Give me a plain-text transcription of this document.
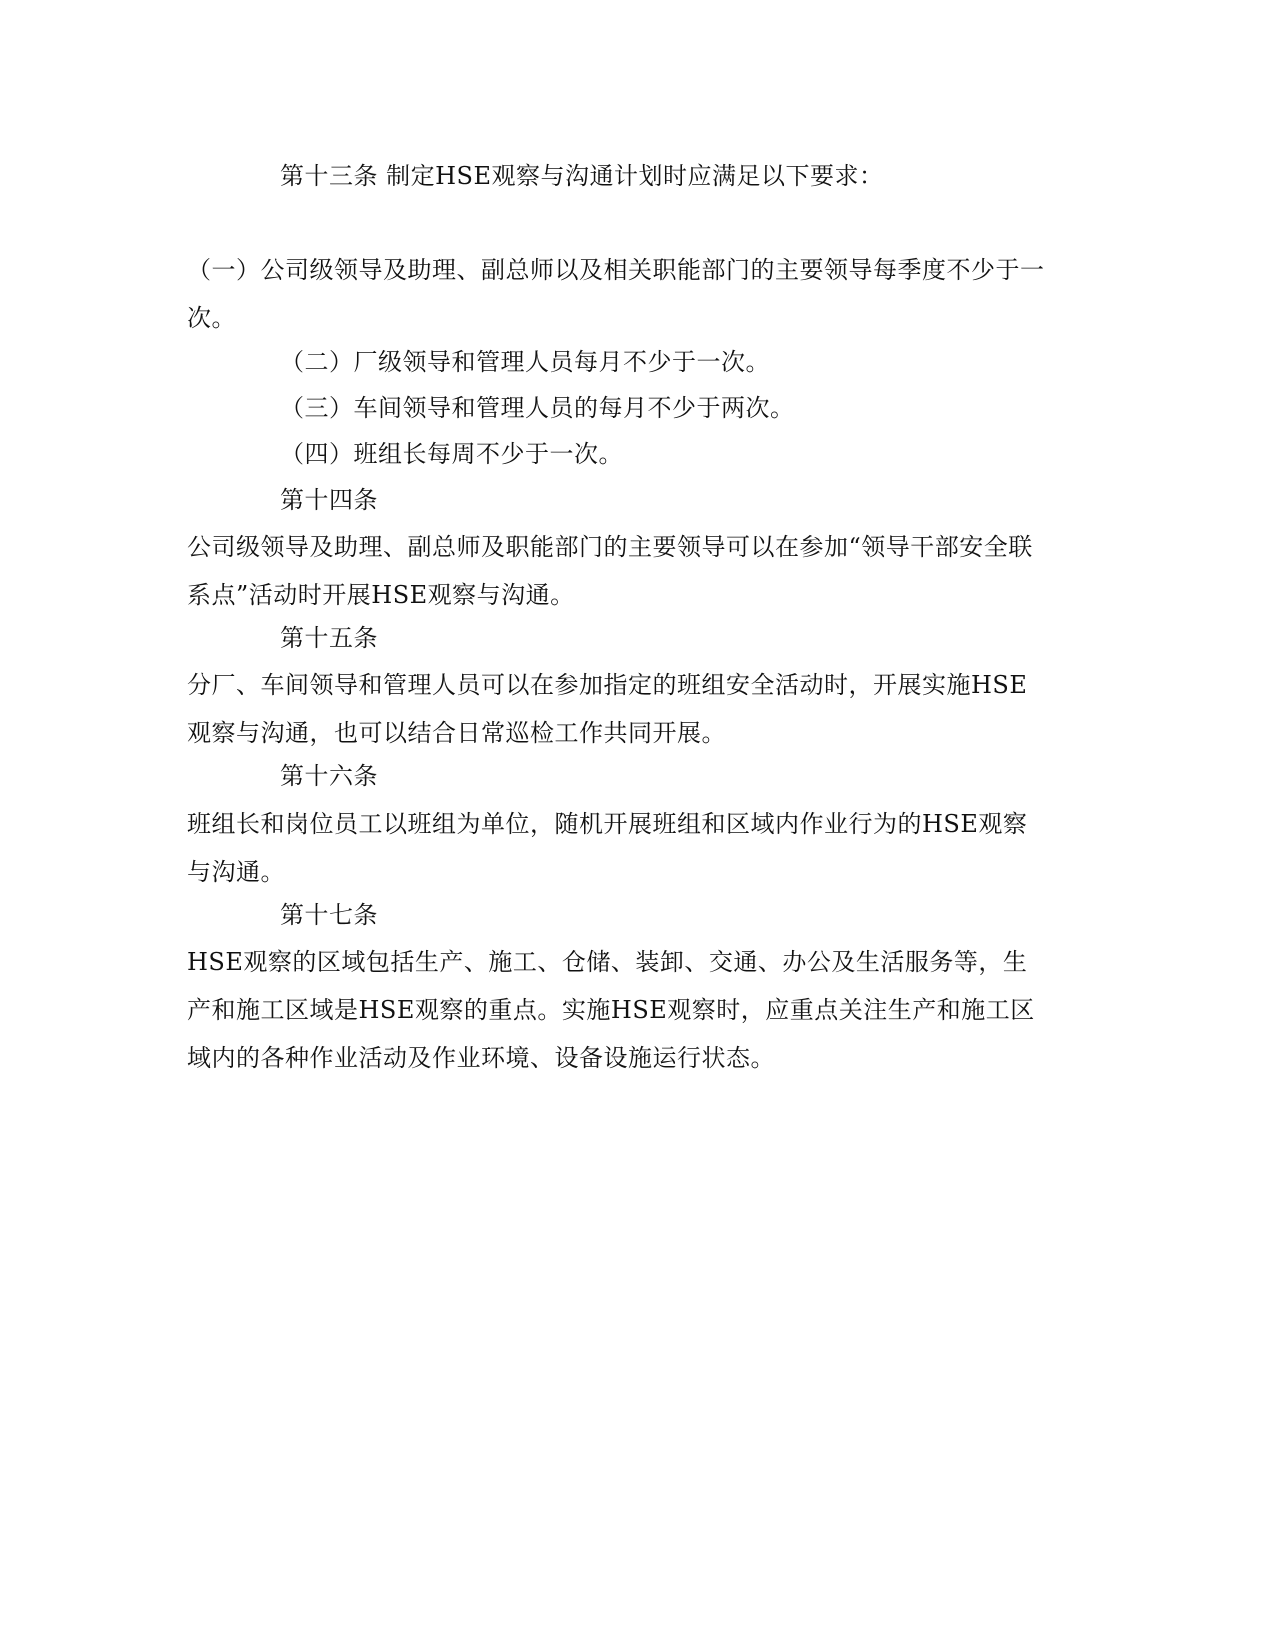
第十三条 制定HSE观察与沟通计划时应满足以下要求：

（一）公司级领导及助理、副总师以及相关职能部门的主要领导每季度不少于一次。

（二）厂级领导和管理人员每月不少于一次。

（三）车间领导和管理人员的每月不少于两次。

（四）班组长每周不少于一次。

第十四条

公司级领导及助理、副总师及职能部门的主要领导可以在参加“领导干部安全联系点”活动时开展HSE观察与沟通。

第十五条

分厂、车间领导和管理人员可以在参加指定的班组安全活动时，开展实施HSE观察与沟通，也可以结合日常巡检工作共同开展。

第十六条

班组长和岗位员工以班组为单位，随机开展班组和区域内作业行为的HSE观察与沟通。

第十七条

HSE观察的区域包括生产、施工、仓储、装卸、交通、办公及生活服务等，生产和施工区域是HSE观察的重点。实施HSE观察时，应重点关注生产和施工区域内的各种作业活动及作业环境、设备设施运行状态。
